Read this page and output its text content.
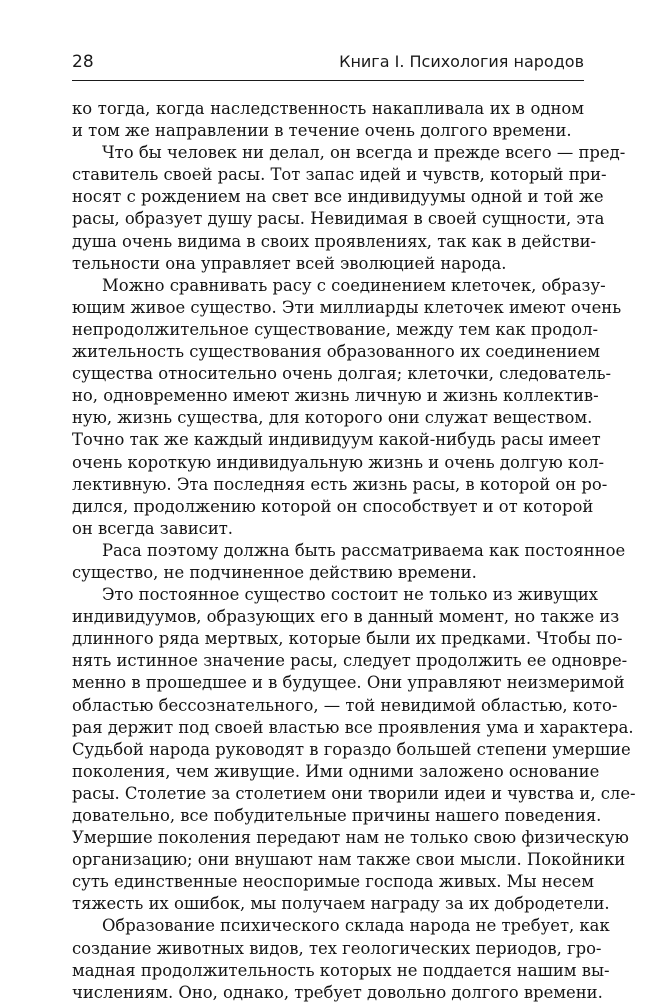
28	Книга I. Психология народов
ко тогда, когда наследственность накапливала их в одном
и том же направлении в течение очень долгого времени.
Что бы человек ни делал, он всегда и прежде всего — пред-
ставитель своей расы. Тот запас идей и чувств, который при-
носят с рождением на свет все индивидуумы одной и той же
расы, образует душу расы. Невидимая в своей сущности, эта
душа очень видима в своих проявлениях, так как в действи-
тельности она управляет всей эволюцией народа.
Можно сравнивать расу с соединением клеточек, образу-
ющим живое существо. Эти миллиарды клеточек имеют очень
непродолжительное существование, между тем как продол-
жительность существования образованного их соединением
существа относительно очень долгая; клеточки, следователь-
но, одновременно имеют жизнь личную и жизнь коллектив-
ную, жизнь существа, для которого они служат веществом.
Точно так же каждый индивидуум какой-нибудь расы имеет
очень короткую индивидуальную жизнь и очень долгую кол-
лективную. Эта последняя есть жизнь расы, в которой он ро-
дился, продолжению которой он способствует и от которой
он всегда зависит.
Раса поэтому должна быть рассматриваема как постоянное
существо, не подчиненное действию времени.
Это постоянное существо состоит не только из живущих
индивидуумов, образующих его в данный момент, но также из
длинного ряда мертвых, которые были их предками. Чтобы по-
нять истинное значение расы, следует продолжить ее одновре-
менно в прошедшее и в будущее. Они управляют неизмеримой
областью бессознательного, — той невидимой областью, кото-
рая держит под своей властью все проявления ума и характера.
Судьбой народа руководят в гораздо большей степени умершие
поколения, чем живущие. Ими одними заложено основание
расы. Столетие за столетием они творили идеи и чувства и, сле-
довательно, все побудительные причины нашего поведения.
Умершие поколения передают нам не только свою физическую
организацию; они внушают нам также свои мысли. Покойники
суть единственные неоспоримые господа живых. Мы несем
тяжесть их ошибок, мы получаем награду за их добродетели.
Образование психического склада народа не требует, как
создание животных видов, тех геологических периодов, гро-
мадная продолжительность которых не поддается нашим вы-
числениям. Оно, однако, требует довольно долгого времени.
